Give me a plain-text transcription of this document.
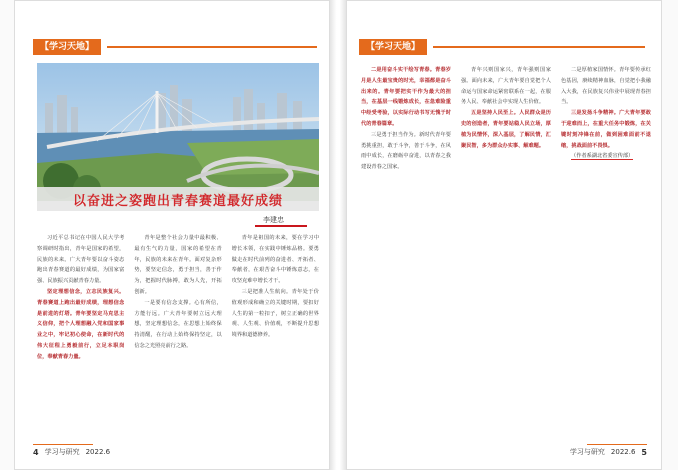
【学习天地】
以奋进之姿跑出青春赛道最好成绩
李建忠

习近平总书记在中国人民大学考察调研时指出，青年是国家的希望，民族的未来。广大青年要以奋斗姿态跑出青春赛道的最好成绩，为国家富强、民族振兴贡献青春力量。

坚定理想信念，立志民族复兴。青春赛道上跑出最好成绩，理想信念是前进的灯塔。青年要坚定马克思主义信仰，把个人理想融入党和国家事业之中，牢记初心使命，在新时代的伟大征程上勇毅前行，立足本职岗位，奉献青春力量。

青年是整个社会力量中最积极、最有生气的力量，国家的希望在青年，民族的未来在青年。面对复杂形势，要坚定信念，勇于担当，善于作为，把握时代脉搏，敢为人先，开拓创新。

一是要有信念支撑。心有所信，方能行远。广大青年要树立远大理想，坚定理想信念，在思想上始终保持清醒，在行动上始终保持坚定，以信念之光照亮前行之路。

青年是祖国的未来，要在学习中增长本领，在实践中锤炼品格。要勇做走在时代前列的奋进者、开拓者、奉献者，在艰苦奋斗中锤炼意志，在攻坚克难中增长才干。

三是把准人生航向。青年处于价值观形成和确立的关键时期，要扣好人生的第一粒扣子，树立正确的世界观、人生观、价值观，不断提升思想境界和道德修养。

4 学习与研究 2022.6
【学习天地】

二是用奋斗实干绘写青春。青春岁月是人生最宝贵的时光，幸福都是奋斗出来的。青年要把实干作为最大的担当，在基层一线锻炼成长，在急难险重中经受考验，以实际行动书写无愧于时代的青春篇章。

三是勇于担当作为。新时代青年要勇挑重担，敢于斗争，善于斗争，在风雨中成长，在磨砺中奋进，以青春之我建设青春之国家。

青年兴则国家兴，青年强则国家强。面向未来，广大青年要自觉把个人命运与国家命运紧密联系在一起，在服务人民、奉献社会中实现人生价值。

五是坚持人民至上。人民群众是历史的创造者，青年要站稳人民立场，厚植为民情怀，深入基层，了解民情，汇聚民智，多为群众办实事、解难题。

二是厚植家国情怀。青年要传承红色基因，赓续精神血脉，自觉把小我融入大我，在民族复兴伟业中展现青春担当。

三是发扬斗争精神。广大青年要敢于迎难而上，在重大任务中锻炼，在关键时刻冲锋在前，做到困难面前不退缩，挑战面前不畏惧。

（作者系湖北省委宣传部）

学习与研究 2022.6 5
